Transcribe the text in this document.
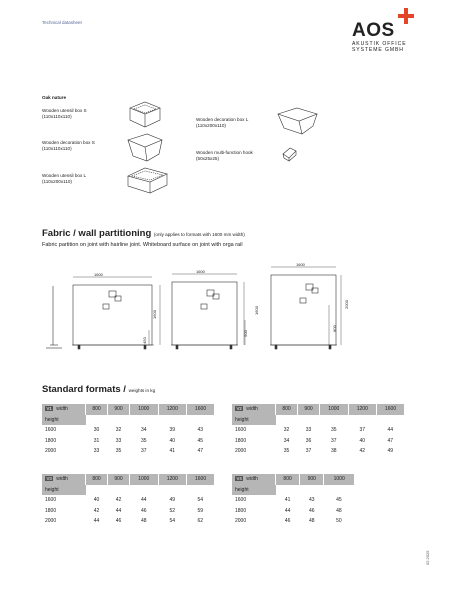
Technical datasheet	AOS
AKUSTIK OFFICE
SYSTEME GMBH
Oak nature
Wooden utensil box S
(110x110x110)
Wooden decoration box S
(110x110x110)
Wooden utensil box L
(110x200x110)
Wooden decoration box L
(110x200x110)
Wooden multi-function hook
(50x25x25)
Fabric / wall partitioning (only applies to formats with 1600 mm width)
Fabric partition on joint with hairline joint. Whiteboard surface on joint with orga rail
1600
1600
1600
1600
450
1600
500
2000
800
Standard formats / weights in kg
V1 width	800	900	1000	1200	1600
height					
1600	30	32	34	39	43
1800	31	33	35	40	45
2000	33	35	37	41	47
V2 width	800	900	1000	1200	1600
height					
1600	32	33	35	37	44
1800	34	36	37	40	47
2000	35	37	38	42	49
V3 width	800	900	1000	1200	1600
height					
1600	40	42	44	49	54
1800	42	44	46	52	59
2000	44	46	48	54	62
V4 width	800	900	1000
height			
1600	41	43	45
1800	44	46	48
2000	46	48	50
02.2025
